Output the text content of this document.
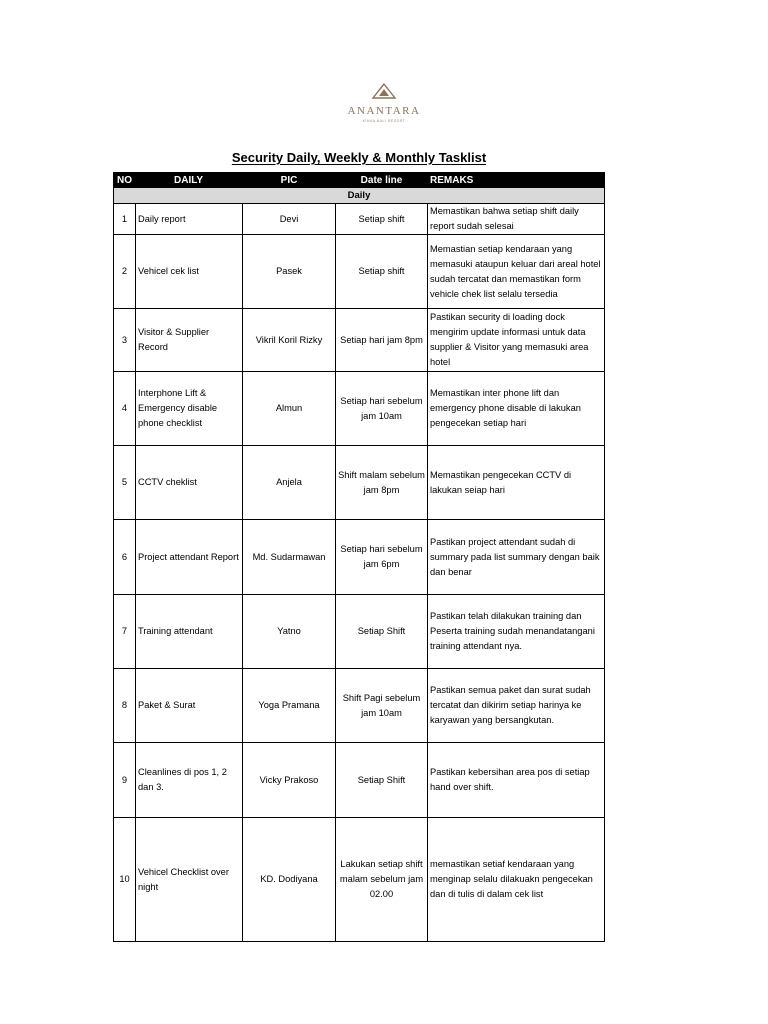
ANANTARA
KIHAA BALI RESORT
Security Daily, Weekly & Monthly Tasklist
NO	DAILY	PIC	Date line	REMAKS
Daily				
1	Daily report	Devi	Setiap shift	Memastikan bahwa setiap shift daily report sudah selesai
2	Vehicel cek list	Pasek	Setiap shift	Memastian setiap kendaraan yang memasuki ataupun keluar dari areal hotel sudah tercatat dan memastikan form vehicle chek list selalu tersedia
3	Visitor & Supplier Record	Vikril Koril Rizky	Setiap hari jam 8pm	Pastikan security di loading dock mengirim update informasi untuk data supplier & Visitor yang memasuki area hotel
4	Interphone Lift & Emergency disable phone checklist	Almun	Setiap hari sebelum jam 10am	Memastikan inter phone lift dan emergency phone disable di lakukan pengecekan setiap hari
5	CCTV cheklist	Anjela	Shift malam sebelum jam 8pm	Memastikan pengecekan CCTV di lakukan seiap hari
6	Project attendant Report	Md. Sudarmawan	Setiap hari sebelum jam 6pm	Pastikan project attendant sudah di summary pada list summary dengan baik dan benar
7	Training attendant	Yatno	Setiap Shift	Pastikan telah dilakukan training dan Peserta training sudah menandatangani training attendant nya.
8	Paket & Surat	Yoga Pramana	Shift Pagi sebelum jam 10am	Pastikan semua paket dan surat sudah tercatat dan dikirim setiap harinya ke karyawan yang bersangkutan.
9	Cleanlines di pos 1, 2 dan 3.	Vicky Prakoso	Setiap Shift	Pastikan kebersihan area pos di setiap hand over shift.
10	Vehicel Checklist over night	KD. Dodiyana	Lakukan setiap shift malam sebelum jam 02.00	memastikan setiaf kendaraan yang menginap selalu dilakuakn pengecekan dan di tulis di dalam cek list
